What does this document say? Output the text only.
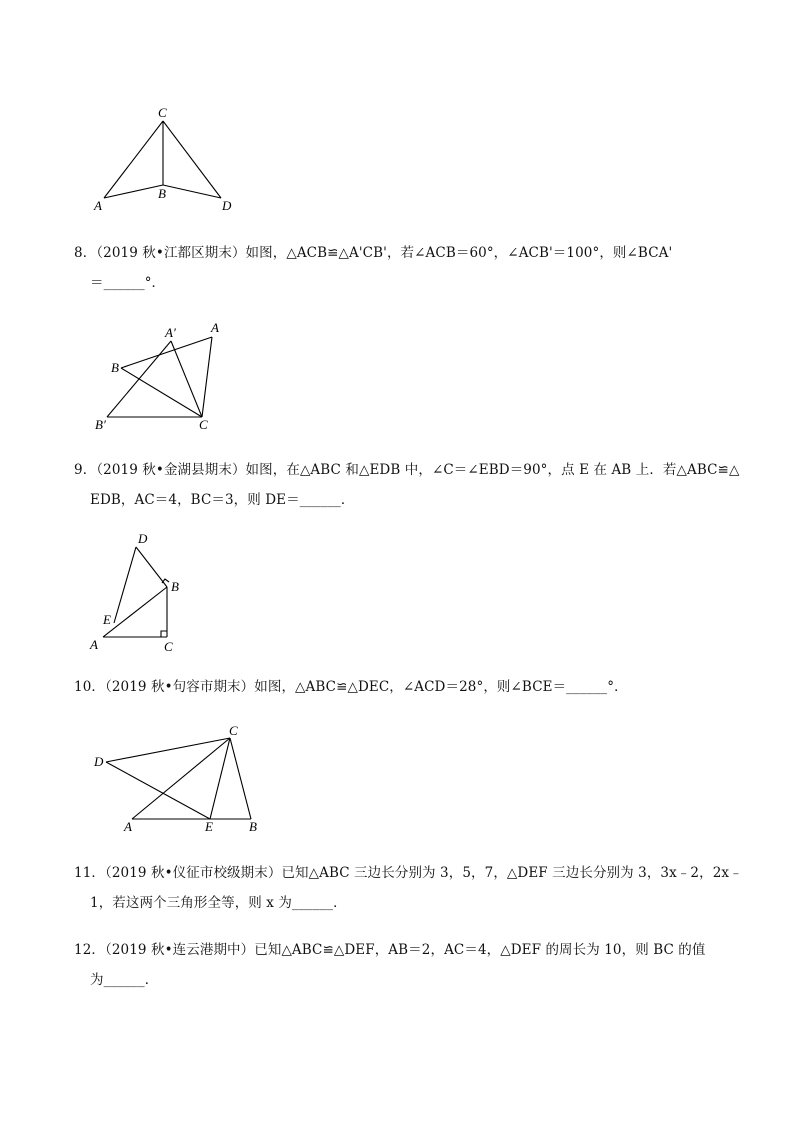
C
A
B
D
8．（2019 秋•江都区期末）如图，△ACB≌△A'CB'，若∠ACB＝60°，∠ACB'＝100°，则∠BCA'
＝______°．
A′	A
B
B′	C
9．（2019 秋•金湖县期末）如图，在△ABC 和△EDB 中，∠C＝∠EBD＝90°，点 E 在 AB 上．若△ABC≌△
EDB，AC＝4，BC＝3，则 DE＝______．
D
B
E
A	C
10．（2019 秋•句容市期末）如图，△ABC≌△DEC，∠ACD＝28°，则∠BCE＝______°．
C
D
A	E	B
11．（2019 秋•仪征市校级期末）已知△ABC 三边长分别为 3，5，7，△DEF 三边长分别为 3，3x﹣2，2x﹣
1，若这两个三角形全等，则 x 为______．
12．（2019 秋•连云港期中）已知△ABC≌△DEF，AB＝2，AC＝4，△DEF 的周长为 10，则 BC 的值
为______．
